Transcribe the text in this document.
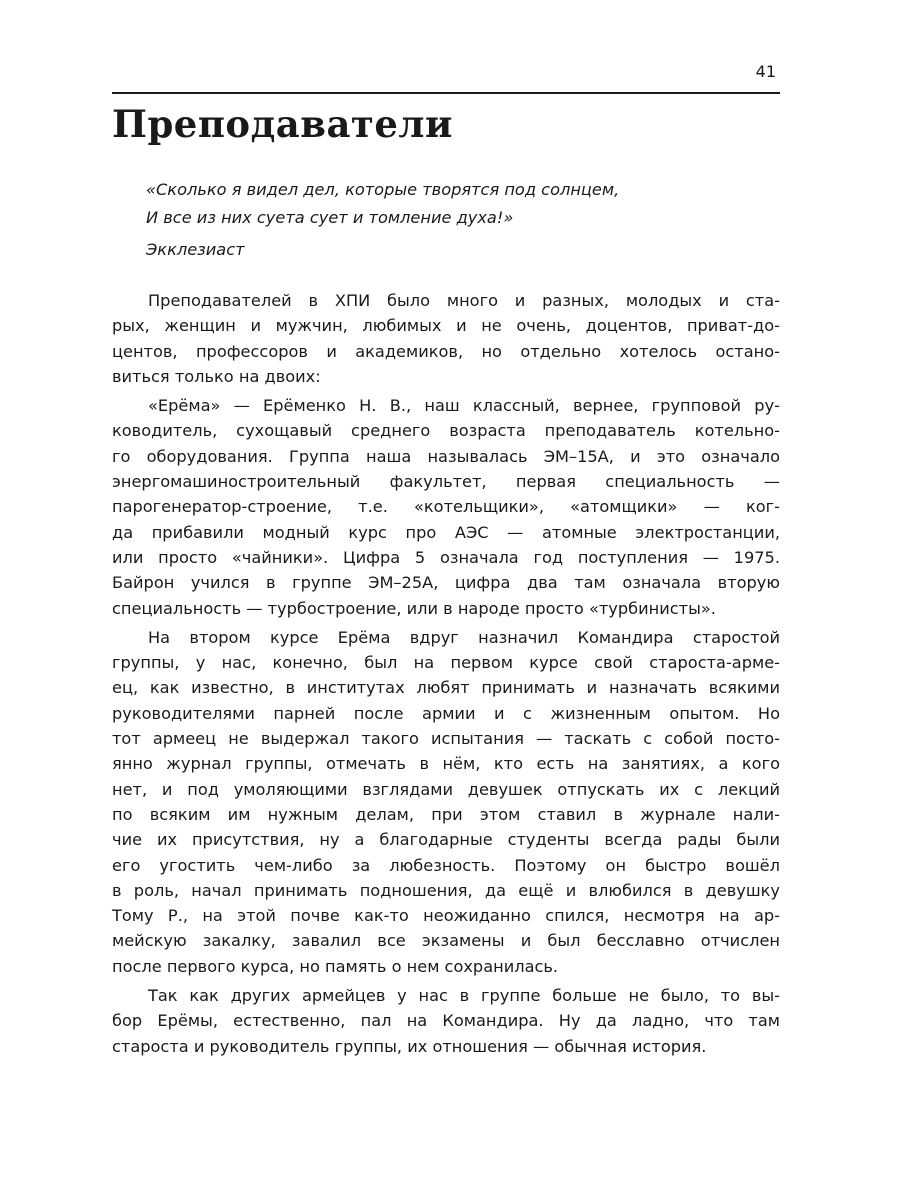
41
Преподаватели
«Сколько я видел дел, которые творятся под солнцем,
И все из них суета сует и томление духа!»
Экклезиаст
Преподавателей в ХПИ было много и разных, молодых и ста-
рых, женщин и мужчин, любимых и не очень, доцентов, приват-до-
центов, профессоров и академиков, но отдельно хотелось остано-
виться только на двоих:
«Ерёма» — Ерёменко Н. В., наш классный, вернее, групповой ру-
ководитель, сухощавый среднего возраста преподаватель котельно-
го оборудования. Группа наша называлась ЭМ–15А, и это означало
энергомашиностроительный факультет, первая специальность —
парогенератор-строение, т.е. «котельщики», «атомщики» — ког-
да прибавили модный курс про АЭС — атомные электростанции,
или просто «чайники». Цифра 5 означала год поступления — 1975.
Байрон учился в группе ЭМ–25А, цифра два там означала вторую
специальность — турбостроение, или в народе просто «турбинисты».
На втором курсе Ерёма вдруг назначил Командира старостой
группы, у нас, конечно, был на первом курсе свой староста-армe-
ец, как известно, в институтах любят принимать и назначать всякими
руководителями парней после армии и с жизненным опытом. Но
тот армеец не выдержал такого испытания — таскать с собой посто-
янно журнал группы, отмечать в нём, кто есть на занятиях, а кого
нет, и под умоляющими взглядами девушек отпускать их с лекций
по всяким им нужным делам, при этом ставил в журнале нали-
чие их присутствия, ну а благодарные студенты всегда рады были
его угостить чем-либо за любезность. Поэтому он быстро вошёл
в роль, начал принимать подношения, да ещё и влюбился в девушку
Тому Р., на этой почве как-то неожиданно спился, несмотря на ар-
мейскую закалку, завалил все экзамены и был бесславно отчислен
после первого курса, но память о нем сохранилась.
Так как других армейцев у нас в группе больше не было, то вы-
бор Ерёмы, естественно, пал на Командира. Ну да ладно, что там
староста и руководитель группы, их отношения — обычная история.
